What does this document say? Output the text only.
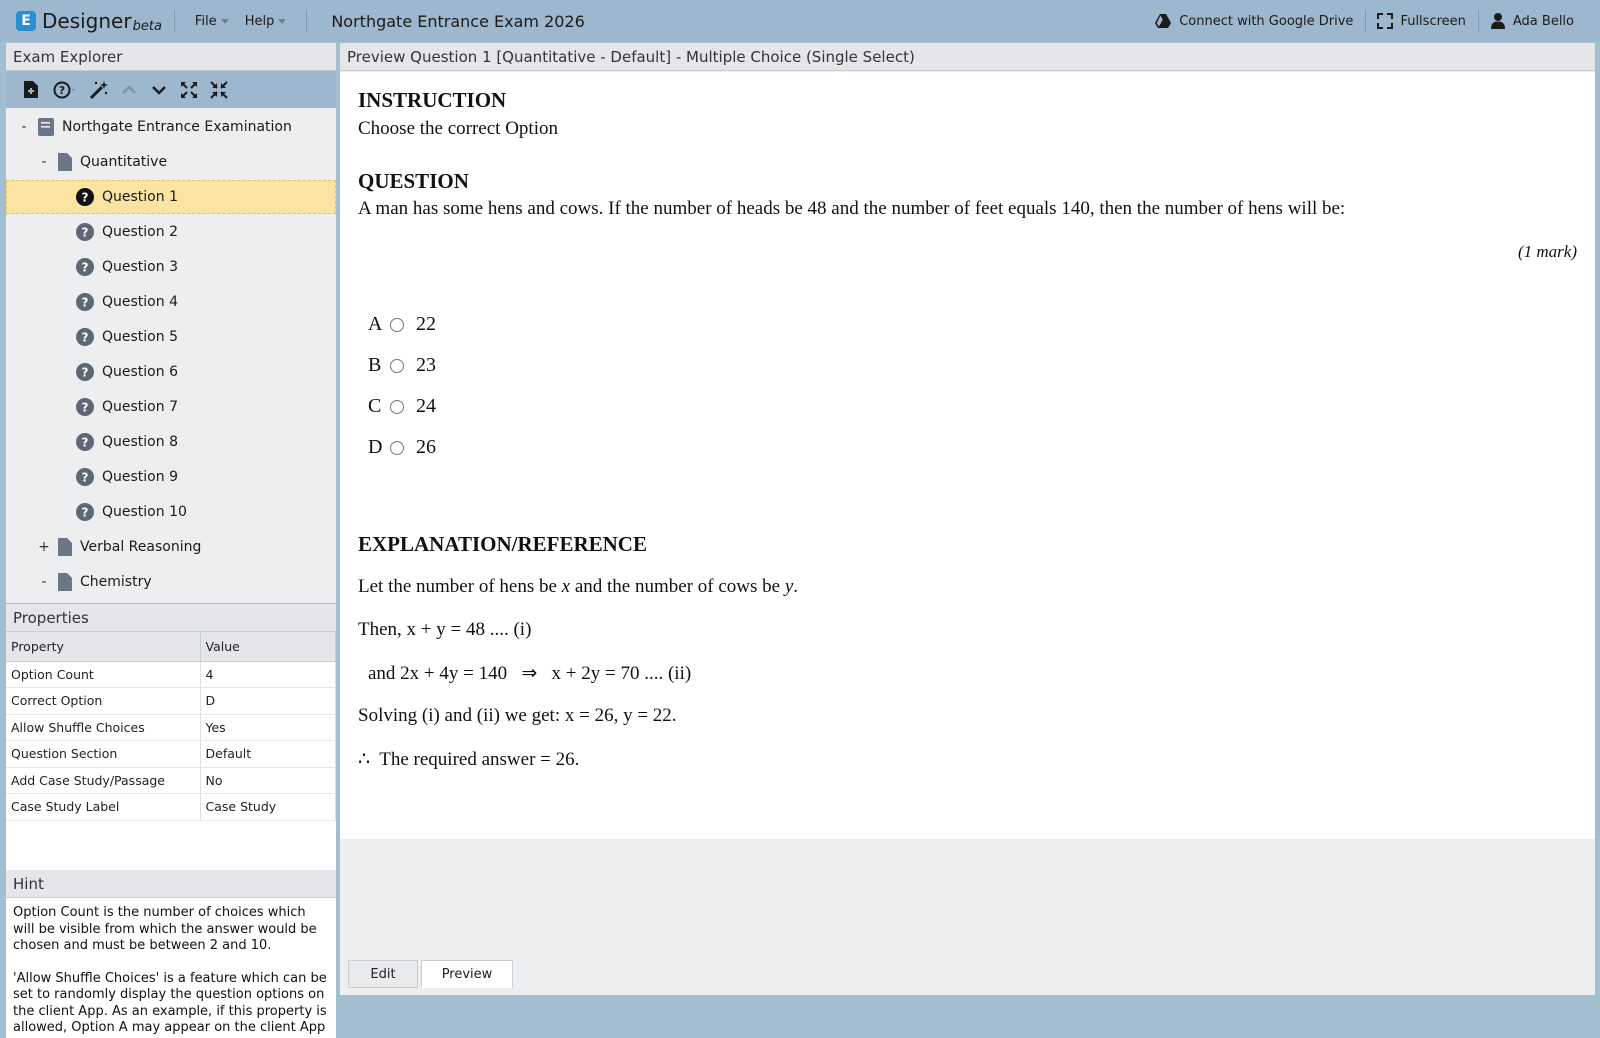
E Designer beta	File Help	Northgate Entrance Exam 2026	Connect with Google Drive	Fullscreen	Ada Bello
Exam Explorer
?
-	Northgate Entrance Examination
- Quantitative
? Question 1
? Question 2
? Question 3
? Question 4
? Question 5
? Question 6
? Question 7
? Question 8
? Question 9
? Question 10
+ Verbal Reasoning
- Chemistry
Properties
Property	Value
Option Count	4
Correct Option	D
Allow Shuffle Choices	Yes
Question Section	Default
Add Case Study/Passage	No
Case Study Label	Case Study
Hint

Option Count is the number of choices which will be visible from which the answer would be chosen and must be between 2 and 10.

'Allow Shuffle Choices' is a feature which can be set to randomly display the question options on the client App. As an example, if this property is allowed, Option A may appear on the client App

Preview Question 1 [Quantitative - Default] - Multiple Choice (Single Select)
INSTRUCTION
Choose the correct Option
QUESTION
A man has some hens and cows. If the number of heads be 48 and the number of feet equals 140, then the number of hens will be:
(1 mark)
A 22
B 23
C 24
D 26
EXPLANATION/REFERENCE
Let the number of hens be x and the number of cows be y.
Then, x + y = 48 .... (i)
and 2x + 4y = 140   ⇒   x + 2y = 70 .... (ii)
Solving (i) and (ii) we get: x = 26, y = 22.
∴  The required answer = 26.
Edit	Preview
